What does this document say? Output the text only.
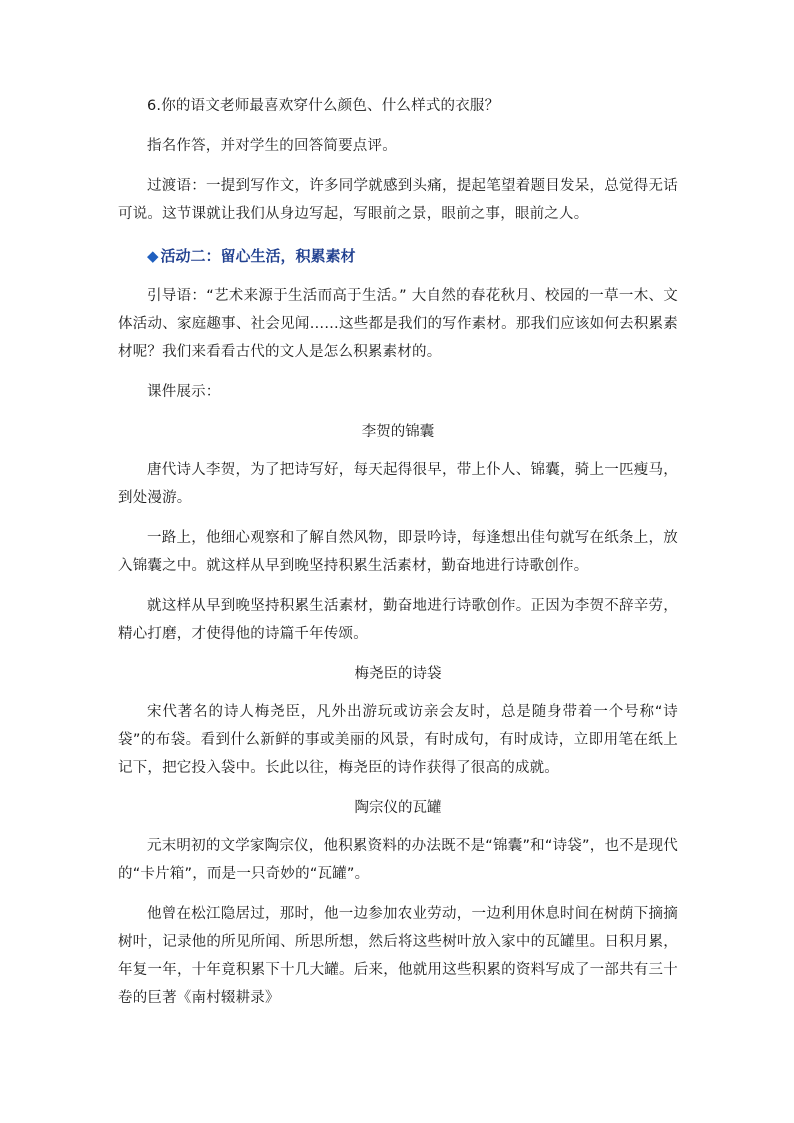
6.你的语文老师最喜欢穿什么颜色、什么样式的衣服？

指名作答，并对学生的回答简要点评。

过渡语：一提到写作文，许多同学就感到头痛，提起笔望着题目发呆，总觉得无话可说。这节课就让我们从身边写起，写眼前之景，眼前之事，眼前之人。

◆ 活动二：留心生活，积累素材

引导语：“艺术来源于生活而高于生活。” 大自然的春花秋月、校园的一草一木、文体活动、家庭趣事、社会见闻……这些都是我们的写作素材。那我们应该如何去积累素材呢？我们来看看古代的文人是怎么积累素材的。

课件展示：

李贺的锦囊

唐代诗人李贺，为了把诗写好，每天起得很早，带上仆人、锦囊，骑上一匹瘦马，到处漫游。

一路上，他细心观察和了解自然风物，即景吟诗，每逢想出佳句就写在纸条上，放入锦囊之中。就这样从早到晚坚持积累生活素材，勤奋地进行诗歌创作。

就这样从早到晚坚持积累生活素材，勤奋地进行诗歌创作。正因为李贺不辞辛劳，精心打磨，才使得他的诗篇千年传颂。

梅尧臣的诗袋

宋代著名的诗人梅尧臣，凡外出游玩或访亲会友时，总是随身带着一个号称“诗袋”的布袋。看到什么新鲜的事或美丽的风景，有时成句，有时成诗，立即用笔在纸上记下，把它投入袋中。长此以往，梅尧臣的诗作获得了很高的成就。

陶宗仪的瓦罐

元末明初的文学家陶宗仪，他积累资料的办法既不是“锦囊”和“诗袋”，也不是现代的“卡片箱”，而是一只奇妙的“瓦罐”。

他曾在松江隐居过，那时，他一边参加农业劳动，一边利用休息时间在树荫下摘摘树叶，记录他的所见所闻、所思所想，然后将这些树叶放入家中的瓦罐里。日积月累，年复一年，十年竟积累下十几大罐。后来，他就用这些积累的资料写成了一部共有三十卷的巨著《南村辍耕录》
